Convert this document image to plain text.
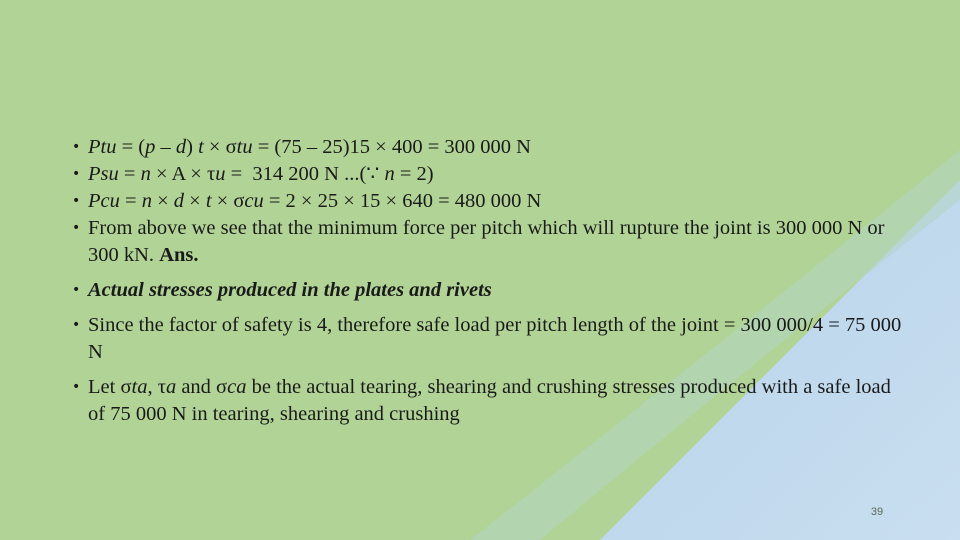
• Ptu = (p – d) t × σtu = (75 – 25)15 × 400 = 300 000 N
• Psu = n × A × τu =  314 200 N ...(∵ n = 2)
• Pcu = n × d × t × σcu = 2 × 25 × 15 × 640 = 480 000 N
• From above we see that the minimum force per pitch which will rupture the joint is 300 000 N or 300 kN. Ans.
• Actual stresses produced in the plates and rivets
• Since the factor of safety is 4, therefore safe load per pitch length of the joint = 300 000/4 = 75 000 N
• Let σta, τa and σca be the actual tearing, shearing and crushing stresses produced with a safe load of 75 000 N in tearing, shearing and crushing
39
